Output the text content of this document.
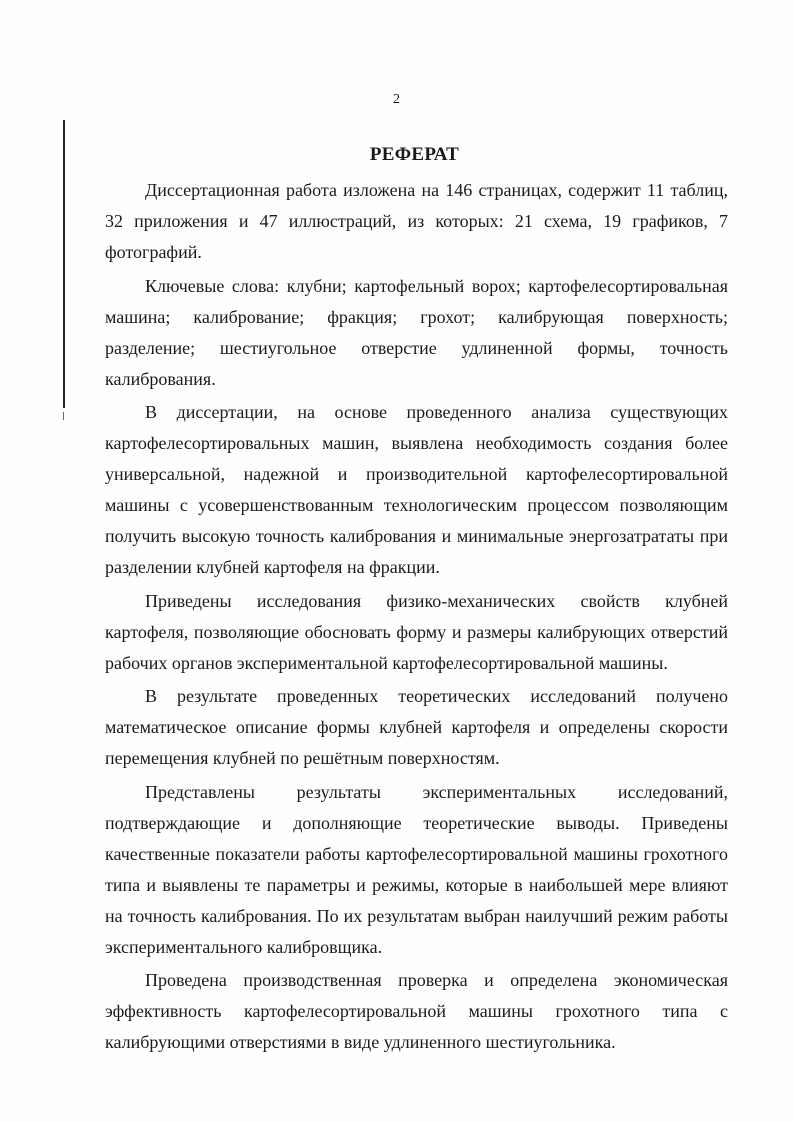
2
РЕФЕРАТ

Диссертационная работа изложена на 146 страницах, содержит 11 таблиц, 32 приложения и 47 иллюстраций, из которых: 21 схема, 19 графиков, 7 фотографий.

Ключевые слова: клубни; картофельный ворох; картофелесортировальная машина; калибрование; фракция; грохот; калибрующая поверхность; разделение; шестиугольное отверстие удлиненной формы, точность калибрования.

В диссертации, на основе проведенного анализа существующих картофелесортировальных машин, выявлена необходимость создания более универсальной, надежной и производительной картофелесортировальной машины с усовершенствованным технологическим процессом позволяющим получить высокую точность калибрования и минимальные энергозатрататы при разделении клубней картофеля на фракции.

Приведены исследования физико-механических свойств клубней картофеля, позволяющие обосновать форму и размеры калибрующих отверстий рабочих органов экспериментальной картофелесортировальной машины.

В результате проведенных теоретических исследований получено математическое описание формы клубней картофеля и определены скорости перемещения клубней по решётным поверхностям.

Представлены результаты экспериментальных исследований, подтверждающие и дополняющие теоретические выводы. Приведены качественные показатели работы картофелесортировальной машины грохотного типа и выявлены те параметры и режимы, которые в наибольшей мере влияют на точность калибрования. По их результатам выбран наилучший режим работы экспериментального калибровщика.

Проведена производственная проверка и определена экономическая эффективность картофелесортировальной машины грохотного типа с калибрующими отверстиями в виде удлиненного шестиугольника.
